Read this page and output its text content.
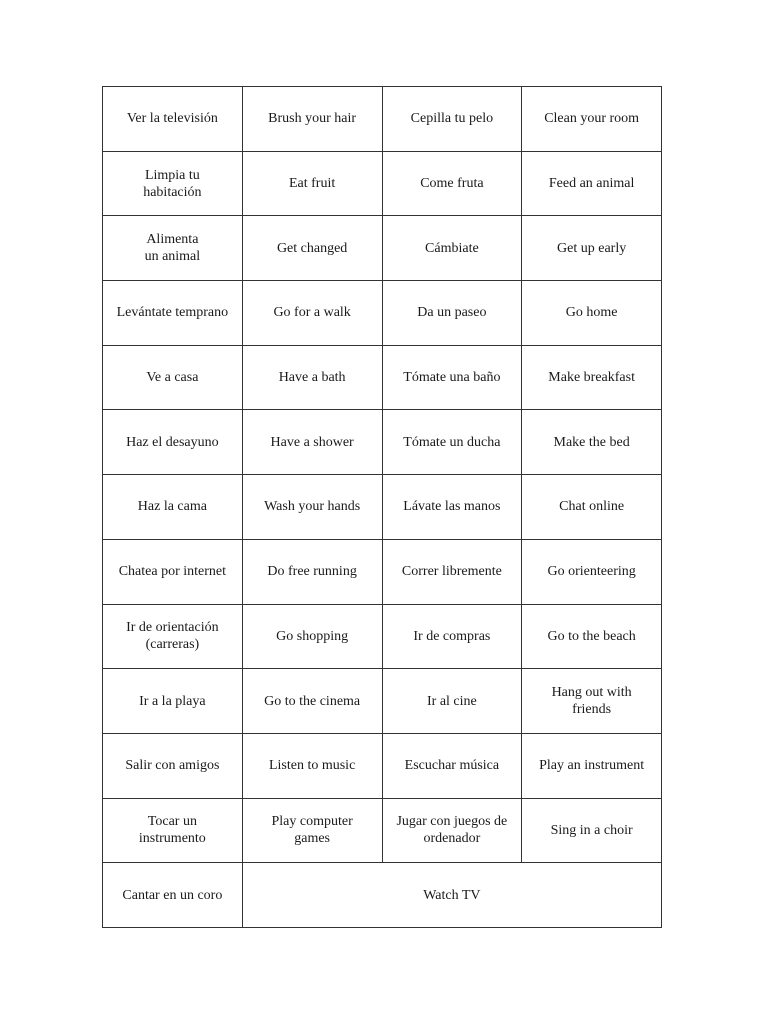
Ver la televisión	Brush your hair	Cepilla tu pelo	Clean your room

Limpia tu
habitación	Eat fruit	Come fruta	Feed an animal

Alimenta
un animal	Get changed	Cámbiate	Get up early

Levántate temprano	Go for a walk	Da un paseo	Go home

Ve a casa	Have a bath	Tómate una baño	Make breakfast

Haz el desayuno	Have a shower	Tómate un ducha	Make the bed

Haz la cama	Wash your hands	Lávate las manos	Chat online

Chatea por internet	Do free running	Correr libremente	Go orienteering

Ir de orientación
(carreras)	Go shopping	Ir de compras	Go to the beach

Ir a la playa	Go to the cinema	Ir al cine	Hang out with
friends

Salir con amigos	Listen to music	Escuchar música	Play an instrument

Tocar un
instrumento	Play computer
games	Jugar con juegos de
ordenador	Sing in a choir

Cantar en un coro	Watch TV		
